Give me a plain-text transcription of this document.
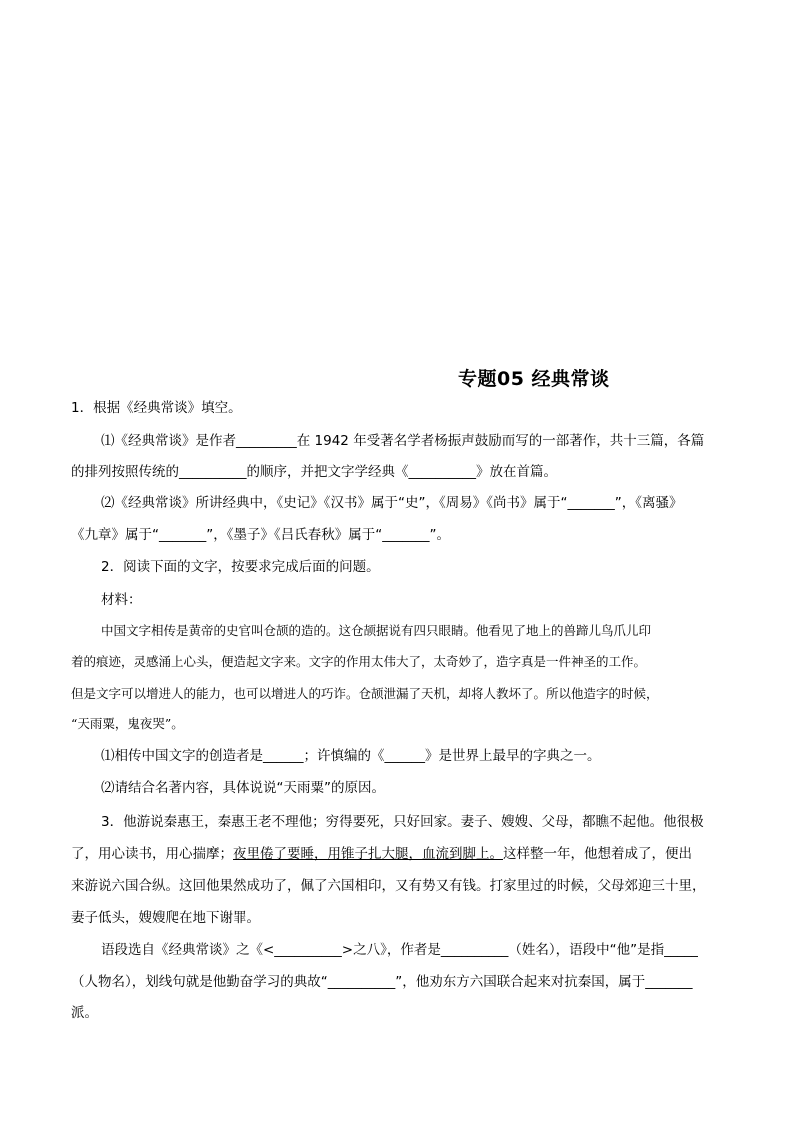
专题05 经典常谈
1．根据《经典常谈》填空。
⑴《经典常谈》是作者_________在 1942 年受著名学者杨振声鼓励而写的一部著作，共十三篇，各篇
的排列按照传统的__________的顺序，并把文字学经典《__________》放在首篇。
⑵《经典常谈》所讲经典中，《史记》《汉书》属于“史”，《周易》《尚书》属于“_______”，《离骚》
《九章》属于“_______”，《墨子》《吕氏春秋》属于“_______”。
2．阅读下面的文字，按要求完成后面的问题。
材料：
中国文字相传是黄帝的史官叫仓颉的造的。这仓颉据说有四只眼睛。他看见了地上的兽蹄儿鸟爪儿印
着的痕迹，灵感涌上心头，便造起文字来。文字的作用太伟大了，太奇妙了，造字真是一件神圣的工作。
但是文字可以增进人的能力，也可以增进人的巧诈。仓颉泄漏了天机，却将人教坏了。所以他造字的时候，
“天雨粟，鬼夜哭”。
⑴相传中国文字的创造者是______；许慎编的《______》是世界上最早的字典之一。
⑵请结合名著内容，具体说说“天雨粟”的原因。
3．他游说秦惠王，秦惠王老不理他；穷得要死，只好回家。妻子、嫂嫂、父母，都瞧不起他。他很极
了，用心读书，用心揣摩；夜里倦了要睡，用锥子扎大腿，血流到脚上。这样整一年，他想着成了，便出
来游说六国合纵。这回他果然成功了，佩了六国相印，又有势又有钱。打家里过的时候，父母郊迎三十里，
妻子低头，嫂嫂爬在地下谢罪。
语段选自《经典常谈》之《<__________>之八》，作者是__________（姓名），语段中“他”是指_____
（人物名），划线句就是他勤奋学习的典故“__________”，他劝东方六国联合起来对抗秦国，属于_______
派。
